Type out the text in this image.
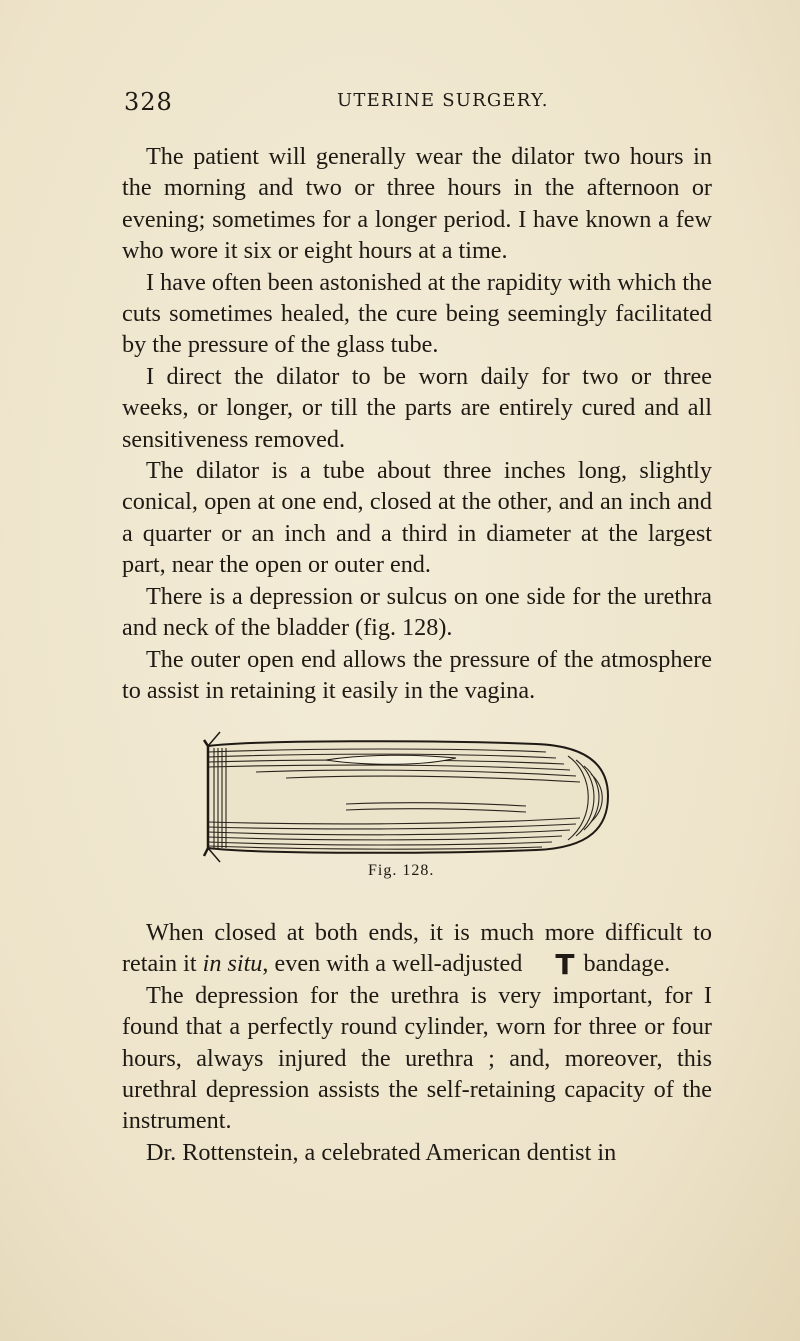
328	UTERINE SURGERY.

The patient will generally wear the dilator two hours in the morning and two or three hours in the afternoon or evening; sometimes for a longer period. I have known a few who wore it six or eight hours at a time.

I have often been astonished at the rapidity with which the cuts sometimes healed, the cure being seemingly facilitated by the pressure of the glass tube.

I direct the dilator to be worn daily for two or three weeks, or longer, or till the parts are entirely cured and all sensitiveness removed.

The dilator is a tube about three inches long, slightly conical, open at one end, closed at the other, and an inch and a quarter or an inch and a third in diameter at the largest part, near the open or outer end.

There is a depression or sulcus on one side for the urethra and neck of the bladder (fig. 128).

The outer open end allows the pressure of the atmosphere to assist in retaining it easily in the vagina.

Fig. 128.

When closed at both ends, it is much more difficult to retain it in situ, even with a well-adjusted T bandage.

The depression for the urethra is very important, for I found that a perfectly round cylinder, worn for three or four hours, always injured the urethra ; and, moreover, this urethral depression assists the self-retaining capacity of the instrument.

Dr. Rottenstein, a celebrated American dentist in
